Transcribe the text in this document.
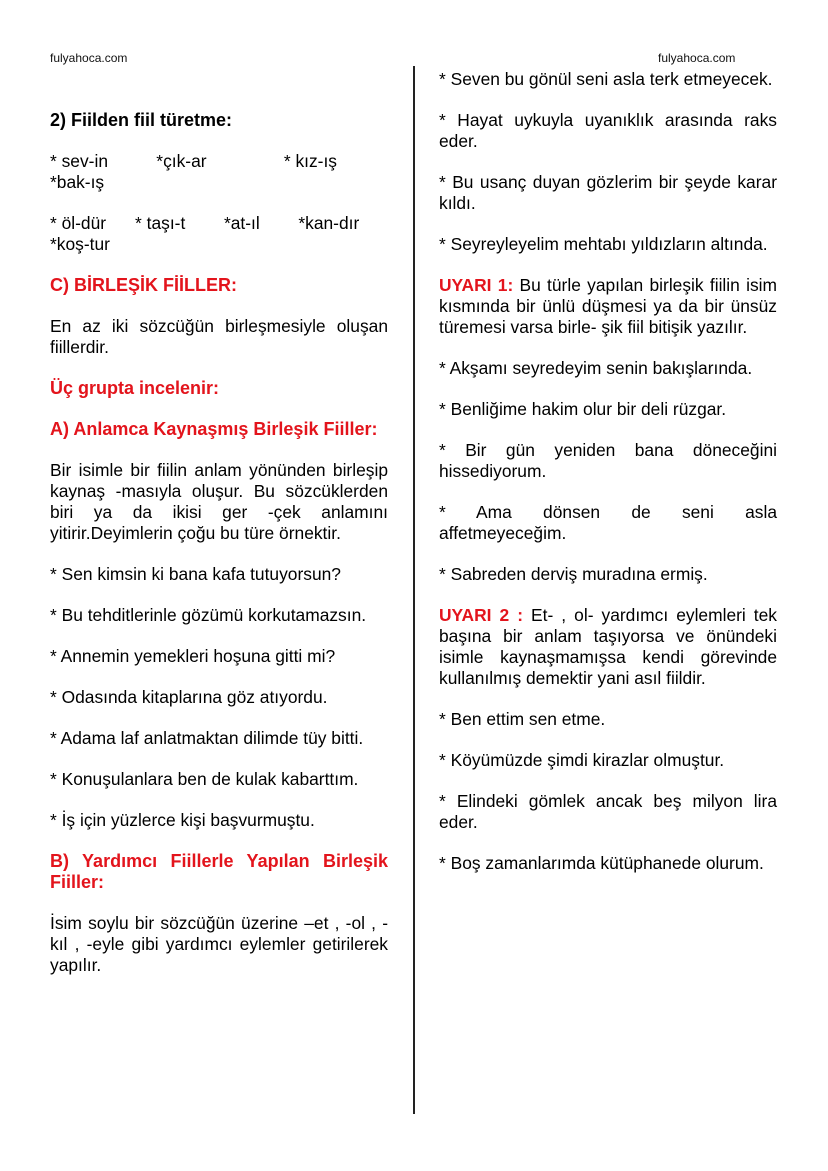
fulyahoca.com	fulyahoca.com

2) Fiilden fiil türetme:

* sev-in          *çık-ar                * kız-ış          *bak-ış

* öl-dür      * taşı-t        *at-ıl        *kan-dır      *koş-tur

C) BİRLEŞİK FİİLLER:

En az iki sözcüğün birleşmesiyle oluşan fiillerdir.

Üç grupta incelenir:

A) Anlamca Kaynaşmış Birleşik Fiiller:

Bir isimle bir fiilin anlam yönünden birleşip kaynaş -masıyla oluşur. Bu sözcüklerden biri ya da ikisi ger -çek anlamını yitirir.Deyimlerin çoğu bu türe örnektir.

* Sen kimsin ki bana kafa tutuyorsun?

* Bu tehditlerinle gözümü korkutamazsın.

* Annemin yemekleri hoşuna gitti mi?

* Odasında kitaplarına göz atıyordu.

* Adama laf anlatmaktan dilimde tüy bitti.

* Konuşulanlara ben de kulak kabarttım.

* İş için yüzlerce kişi başvurmuştu.

B) Yardımcı Fiillerle Yapılan Birleşik Fiiller:

İsim soylu bir sözcüğün üzerine –et , -ol , -kıl , -eyle gibi yardımcı eylemler getirilerek yapılır.

* Seven bu gönül seni asla terk etmeyecek.

* Hayat uykuyla uyanıklık arasında raks eder.

* Bu usanç duyan gözlerim bir şeyde karar kıldı.

* Seyreyleyelim mehtabı yıldızların altında.

UYARI 1: Bu türle yapılan birleşik fiilin isim kısmında bir ünlü düşmesi ya da bir ünsüz türemesi varsa birle- şik fiil bitişik yazılır.

* Akşamı seyredeyim senin bakışlarında.

* Benliğime hakim olur bir deli rüzgar.

* Bir gün yeniden bana döneceğini hissediyorum.

* Ama dönsen de seni asla affetmeyeceğim.

* Sabreden derviş muradına ermiş.

UYARI 2 : Et- , ol- yardımcı eylemleri tek başına bir anlam taşıyorsa ve önündeki isimle kaynaşmamışsa kendi görevinde kullanılmış demektir yani asıl fiildir.

* Ben ettim sen etme.

* Köyümüzde şimdi kirazlar olmuştur.

* Elindeki gömlek ancak beş milyon lira eder.

* Boş zamanlarımda kütüphanede olurum.
